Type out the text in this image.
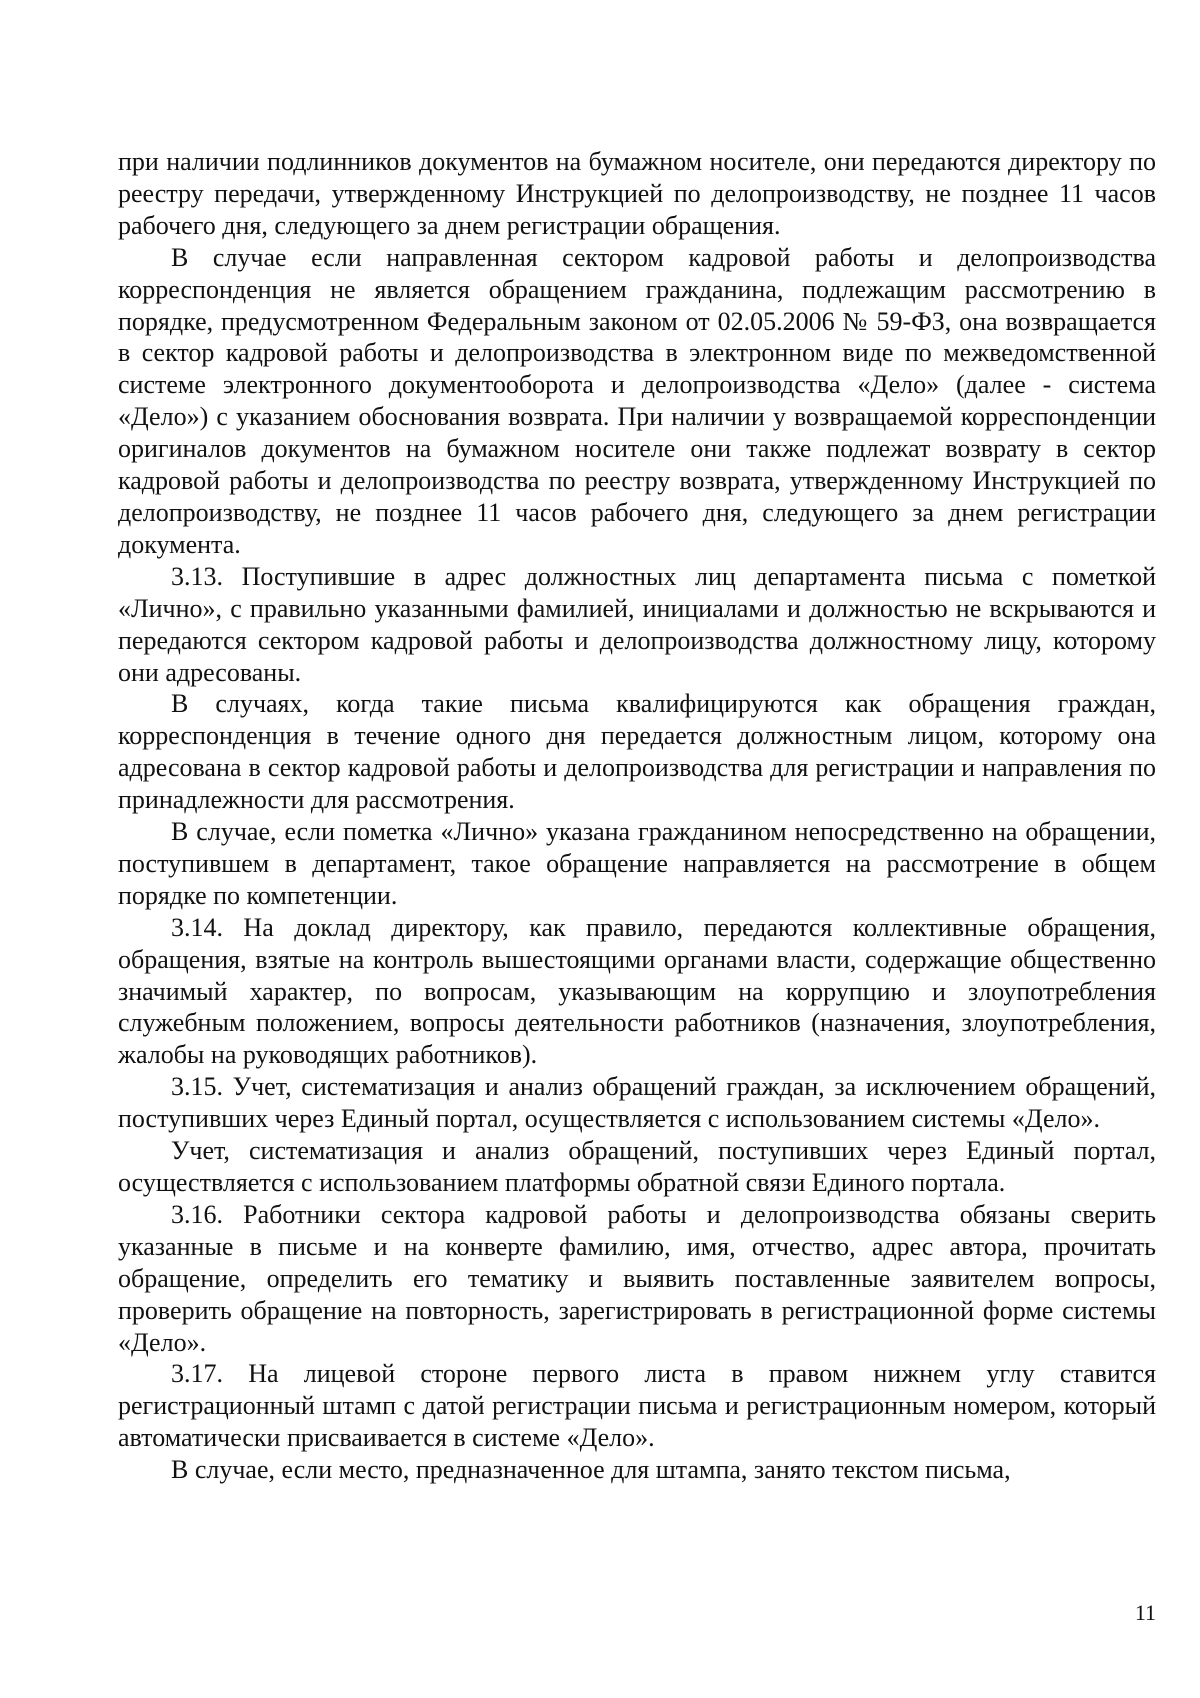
при наличии подлинников документов на бумажном носителе, они передаются директору по реестру передачи, утвержденному Инструкцией по делопроизводству, не позднее 11 часов рабочего дня, следующего за днем регистрации обращения.

В случае если направленная сектором кадровой работы и делопроизводства корреспонденция не является обращением гражданина, подлежащим рассмотрению в порядке, предусмотренном Федеральным законом от 02.05.2006 № 59-ФЗ, она возвращается в сектор кадровой работы и делопроизводства в электронном виде по межведомственной системе электронного документооборота и делопроизводства «Дело» (далее - система «Дело») с указанием обоснования возврата. При наличии у возвращаемой корреспонденции оригиналов документов на бумажном носителе они также подлежат возврату в сектор кадровой работы и делопроизводства по реестру возврата, утвержденному Инструкцией по делопроизводству, не позднее 11 часов рабочего дня, следующего за днем регистрации документа.

3.13. Поступившие в адрес должностных лиц департамента письма с пометкой «Лично», с правильно указанными фамилией, инициалами и должностью не вскрываются и передаются сектором кадровой работы и делопроизводства должностному лицу, которому они адресованы.

В случаях, когда такие письма квалифицируются как обращения граждан, корреспонденция в течение одного дня передается должностным лицом, которому она адресована в сектор кадровой работы и делопроизводства для регистрации и направления по принадлежности для рассмотрения.

В случае, если пометка «Лично» указана гражданином непосредственно на обращении, поступившем в департамент, такое обращение направляется на рассмотрение в общем порядке по компетенции.

3.14. На доклад директору, как правило, передаются коллективные обращения, обращения, взятые на контроль вышестоящими органами власти, содержащие общественно значимый характер, по вопросам, указывающим на коррупцию и злоупотребления служебным положением, вопросы деятельности работников (назначения, злоупотребления, жалобы на руководящих работников).

3.15. Учет, систематизация и анализ обращений граждан, за исключением обращений, поступивших через Единый портал, осуществляется с использованием системы «Дело».

Учет, систематизация и анализ обращений, поступивших через Единый портал, осуществляется с использованием платформы обратной связи Единого портала.

3.16. Работники сектора кадровой работы и делопроизводства обязаны сверить указанные в письме и на конверте фамилию, имя, отчество, адрес автора, прочитать обращение, определить его тематику и выявить поставленные заявителем вопросы, проверить обращение на повторность, зарегистрировать в регистрационной форме системы «Дело».

3.17. На лицевой стороне первого листа в правом нижнем углу ставится регистрационный штамп с датой регистрации письма и регистрационным номером, который автоматически присваивается в системе «Дело».

В случае, если место, предназначенное для штампа, занято текстом письма,

11
